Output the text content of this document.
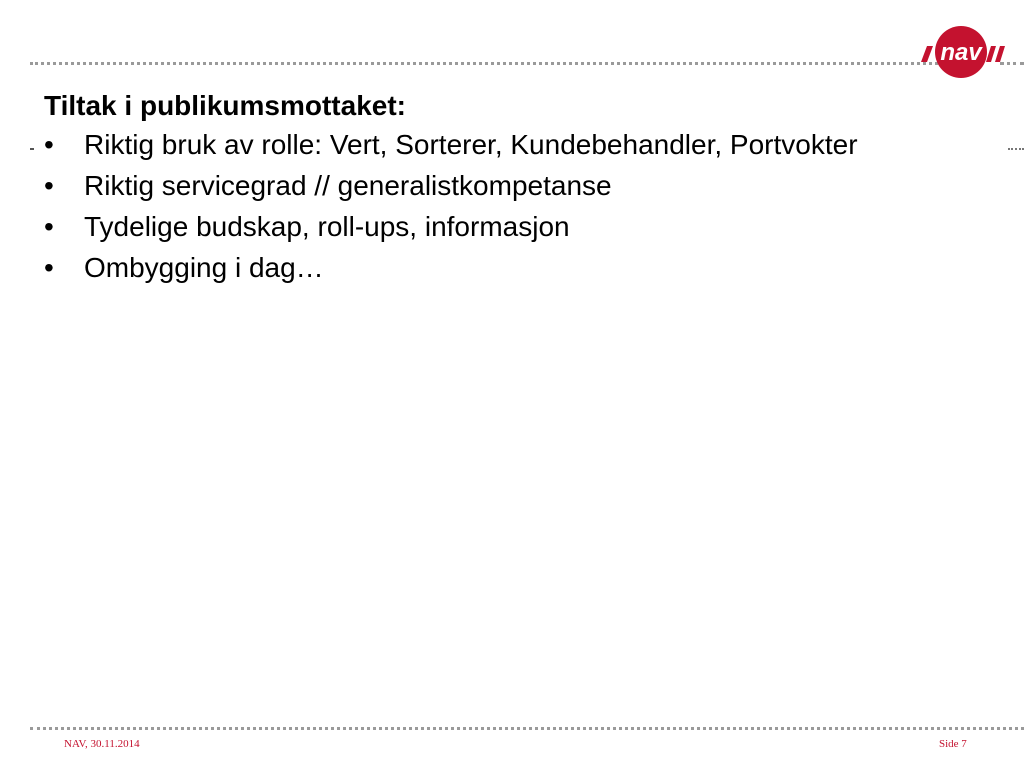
nav
Tiltak i publikumsmottaket:
•	Riktig bruk av rolle: Vert, Sorterer, Kundebehandler, Portvokter
•	Riktig servicegrad // generalistkompetanse
•	Tydelige budskap, roll-ups, informasjon
•	Ombygging i dag…
NAV, 30.11.2014	Side 7
